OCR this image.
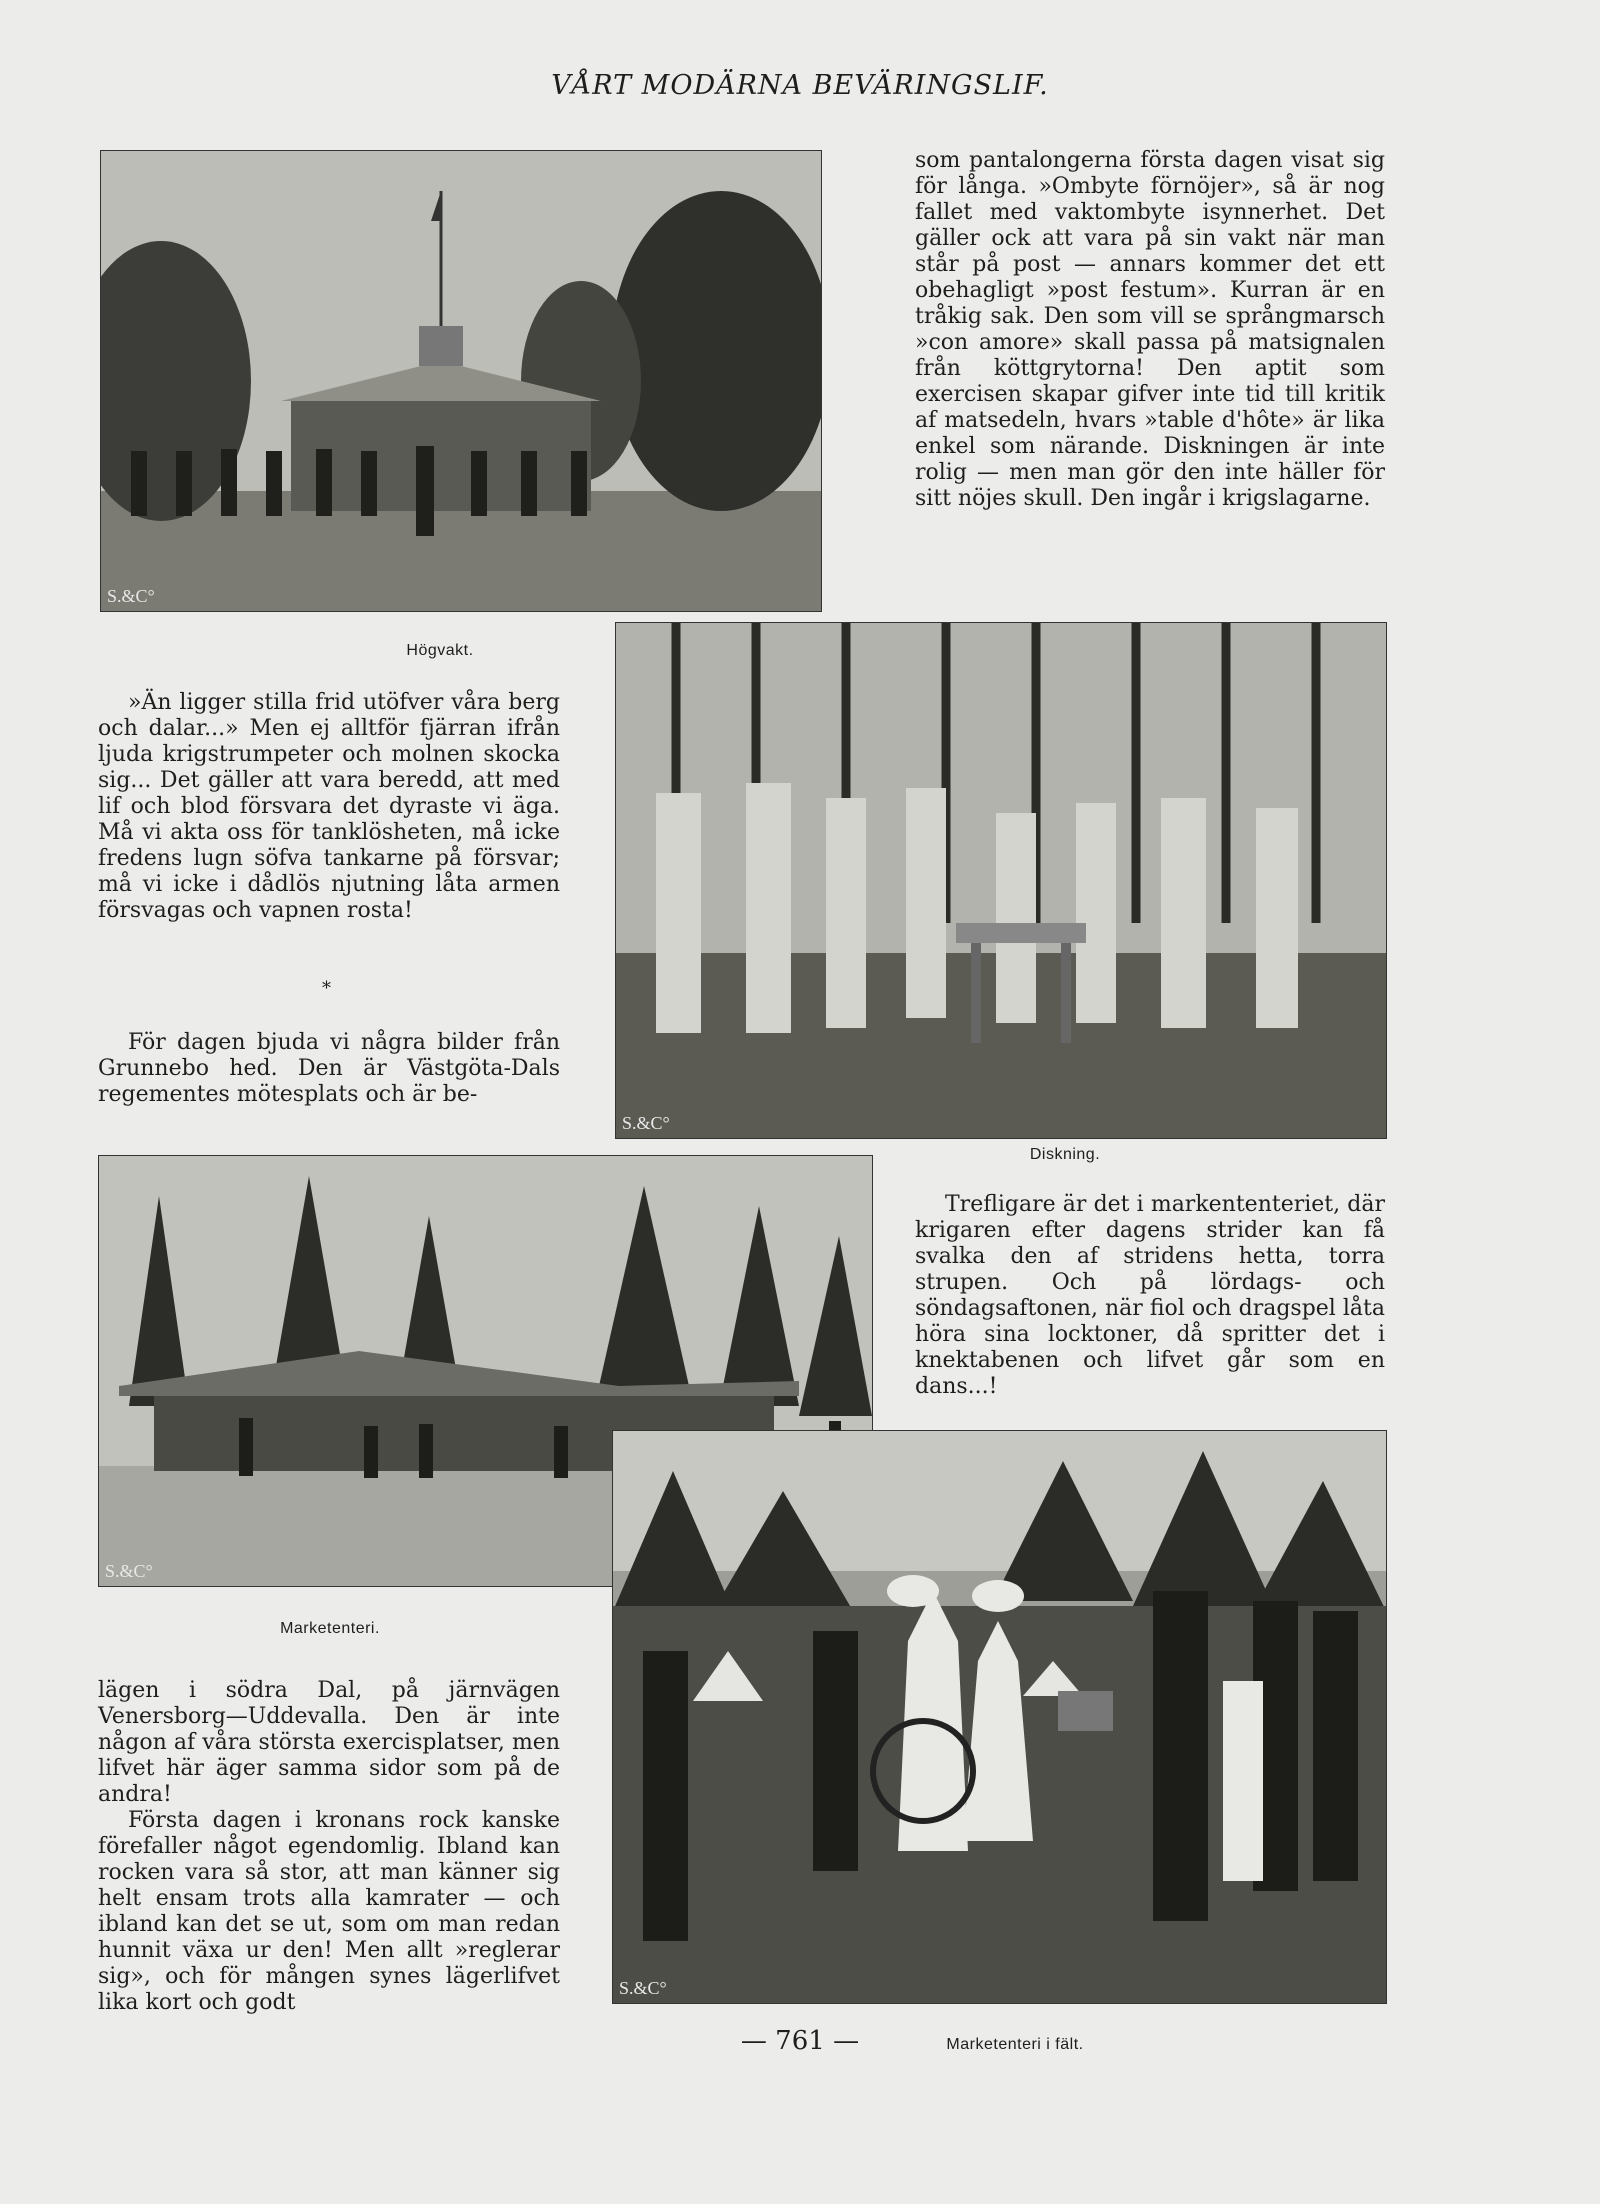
VÅRT MODÄRNA BEVÄRINGSLIF.
S.&C°
Högvakt.

som pantalongerna första dagen visat sig för långa. »Ombyte förnöjer», så är nog fallet med vaktombyte isynnerhet. Det gäller ock att vara på sin vakt när man står på post — annars kommer det ett obehagligt »post festum». Kurran är en tråkig sak. Den som vill se språngmarsch »con amore» skall passa på matsignalen från köttgrytorna! Den aptit som exercisen skapar gifver inte tid till kritik af matsedeln, hvars »table d'hôte» är lika enkel som närande. Diskningen är inte rolig — men man gör den inte häller för sitt nöjes skull. Den ingår i krigslagarne.

S.&C°
Diskning.

»Än ligger stilla frid utöfver våra berg och dalar...» Men ej alltför fjärran ifrån ljuda krigstrumpeter och molnen skocka sig... Det gäller att vara beredd, att med lif och blod försvara det dyraste vi äga. Må vi akta oss för tanklösheten, må icke fredens lugn söfva tankarne på försvar; må vi icke i dådlös njutning låta armen försvagas och vapnen rosta!

*

För dagen bjuda vi några bilder från Grunnebo hed. Den är Västgöta-Dals regementes mötesplats och är be-

S.&C°
Marketenteri.

Trefligare är det i markententeriet, där krigaren efter dagens strider kan få svalka den af stridens hetta, torra strupen. Och på lördags- och söndagsaftonen, när fiol och dragspel låta höra sina locktoner, då spritter det i knektabenen och lifvet går som en dans...!

S.&C°
Marketenteri i fält.

lägen i södra Dal, på järnvägen Venersborg—Uddevalla. Den är inte någon af våra största exercisplatser, men lifvet här äger samma sidor som på de andra!

Första dagen i kronans rock kanske förefaller något egendomlig. Ibland kan rocken vara så stor, att man känner sig helt ensam trots alla kamrater — och ibland kan det se ut, som om man redan hunnit växa ur den! Men allt »reglerar sig», och för mången synes lägerlifvet lika kort och godt

— 761 —
